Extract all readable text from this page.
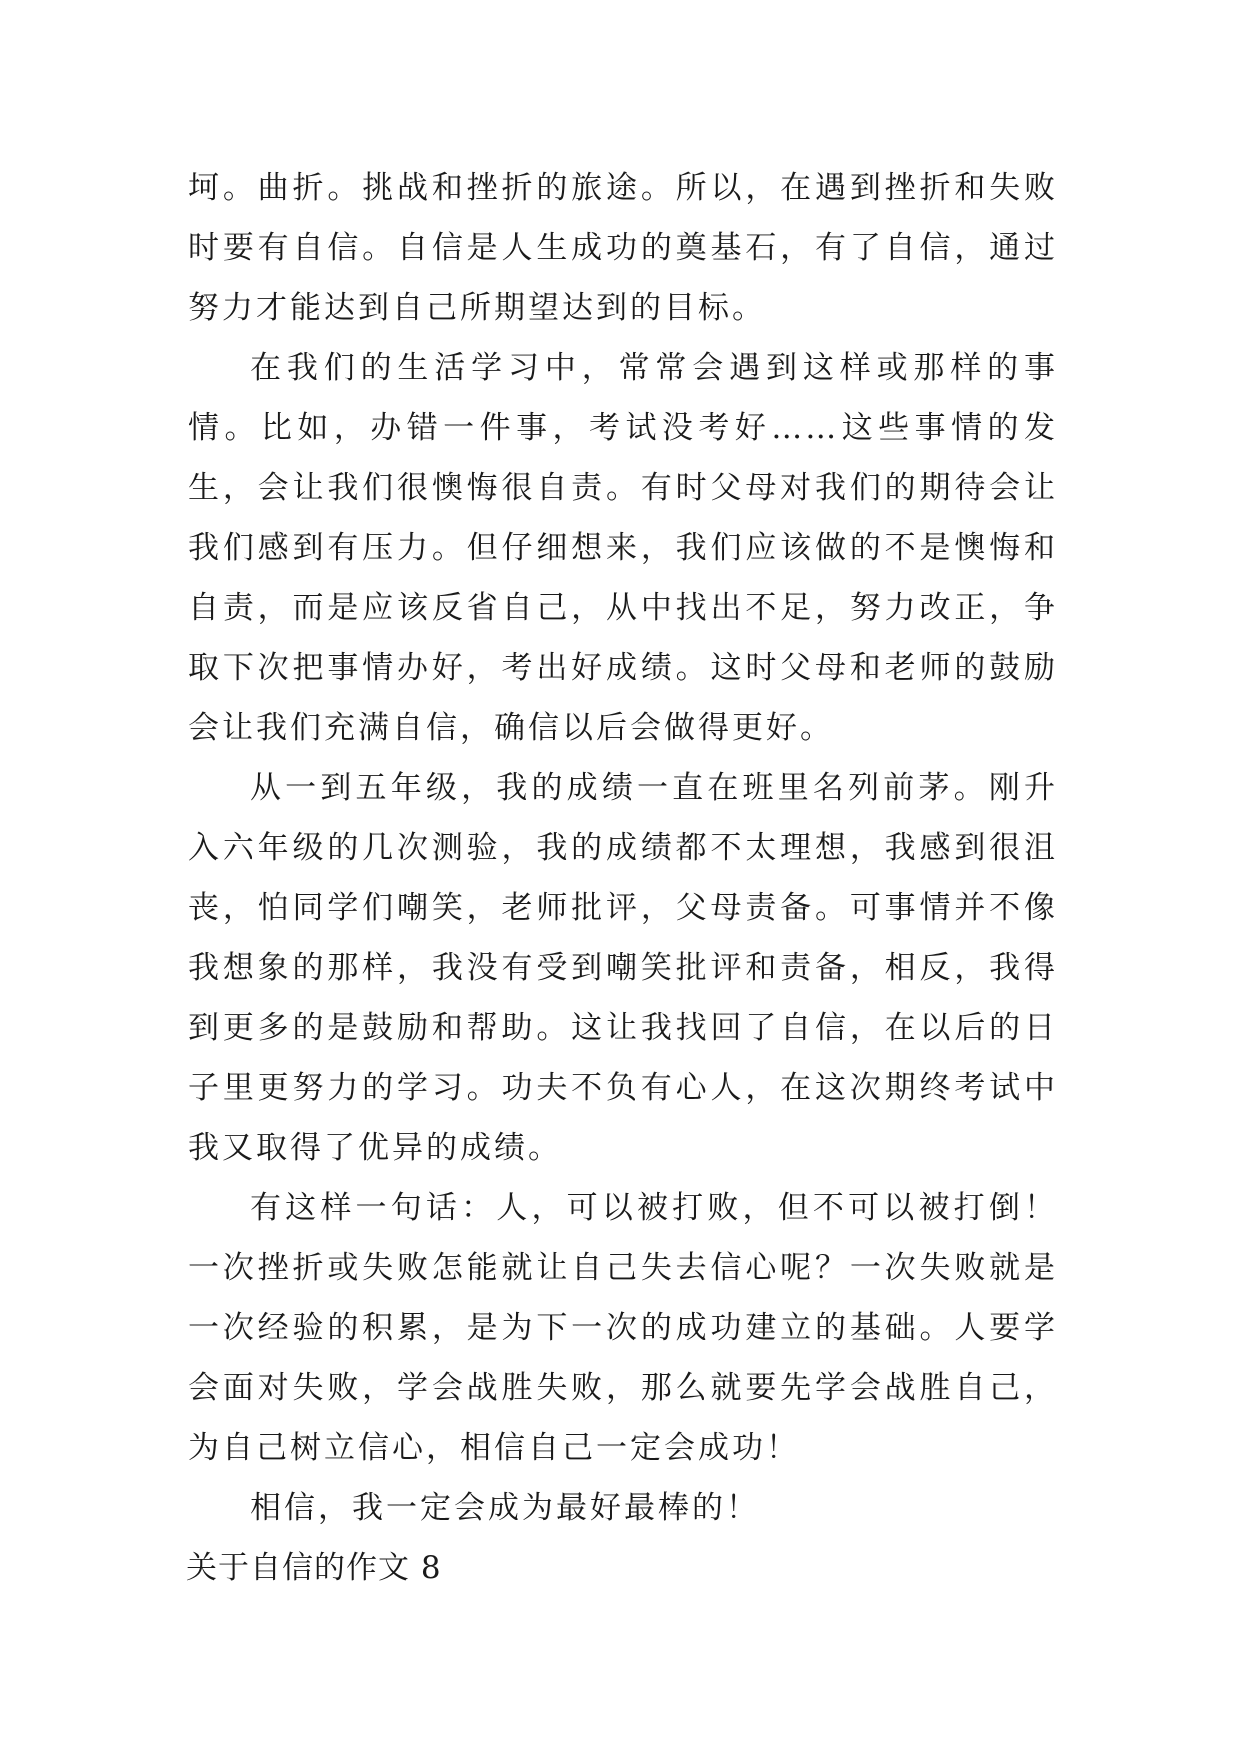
坷。曲折。挑战和挫折的旅途。所以，在遇到挫折和失败时要有自信。自信是人生成功的奠基石，有了自信，通过努力才能达到自己所期望达到的目标。

在我们的生活学习中，常常会遇到这样或那样的事情。比如，办错一件事，考试没考好……这些事情的发生，会让我们很懊悔很自责。有时父母对我们的期待会让我们感到有压力。但仔细想来，我们应该做的不是懊悔和自责，而是应该反省自己，从中找出不足，努力改正，争取下次把事情办好，考出好成绩。这时父母和老师的鼓励会让我们充满自信，确信以后会做得更好。

从一到五年级，我的成绩一直在班里名列前茅。刚升入六年级的几次测验，我的成绩都不太理想，我感到很沮丧，怕同学们嘲笑，老师批评，父母责备。可事情并不像我想象的那样，我没有受到嘲笑批评和责备，相反，我得到更多的是鼓励和帮助。这让我找回了自信，在以后的日子里更努力的学习。功夫不负有心人，在这次期终考试中我又取得了优异的成绩。

有这样一句话：人，可以被打败，但不可以被打倒！一次挫折或失败怎能就让自己失去信心呢？一次失败就是一次经验的积累，是为下一次的成功建立的基础。人要学会面对失败，学会战胜失败，那么就要先学会战胜自己，为自己树立信心，相信自己一定会成功！

相信，我一定会成为最好最棒的！

关于自信的作文 8
